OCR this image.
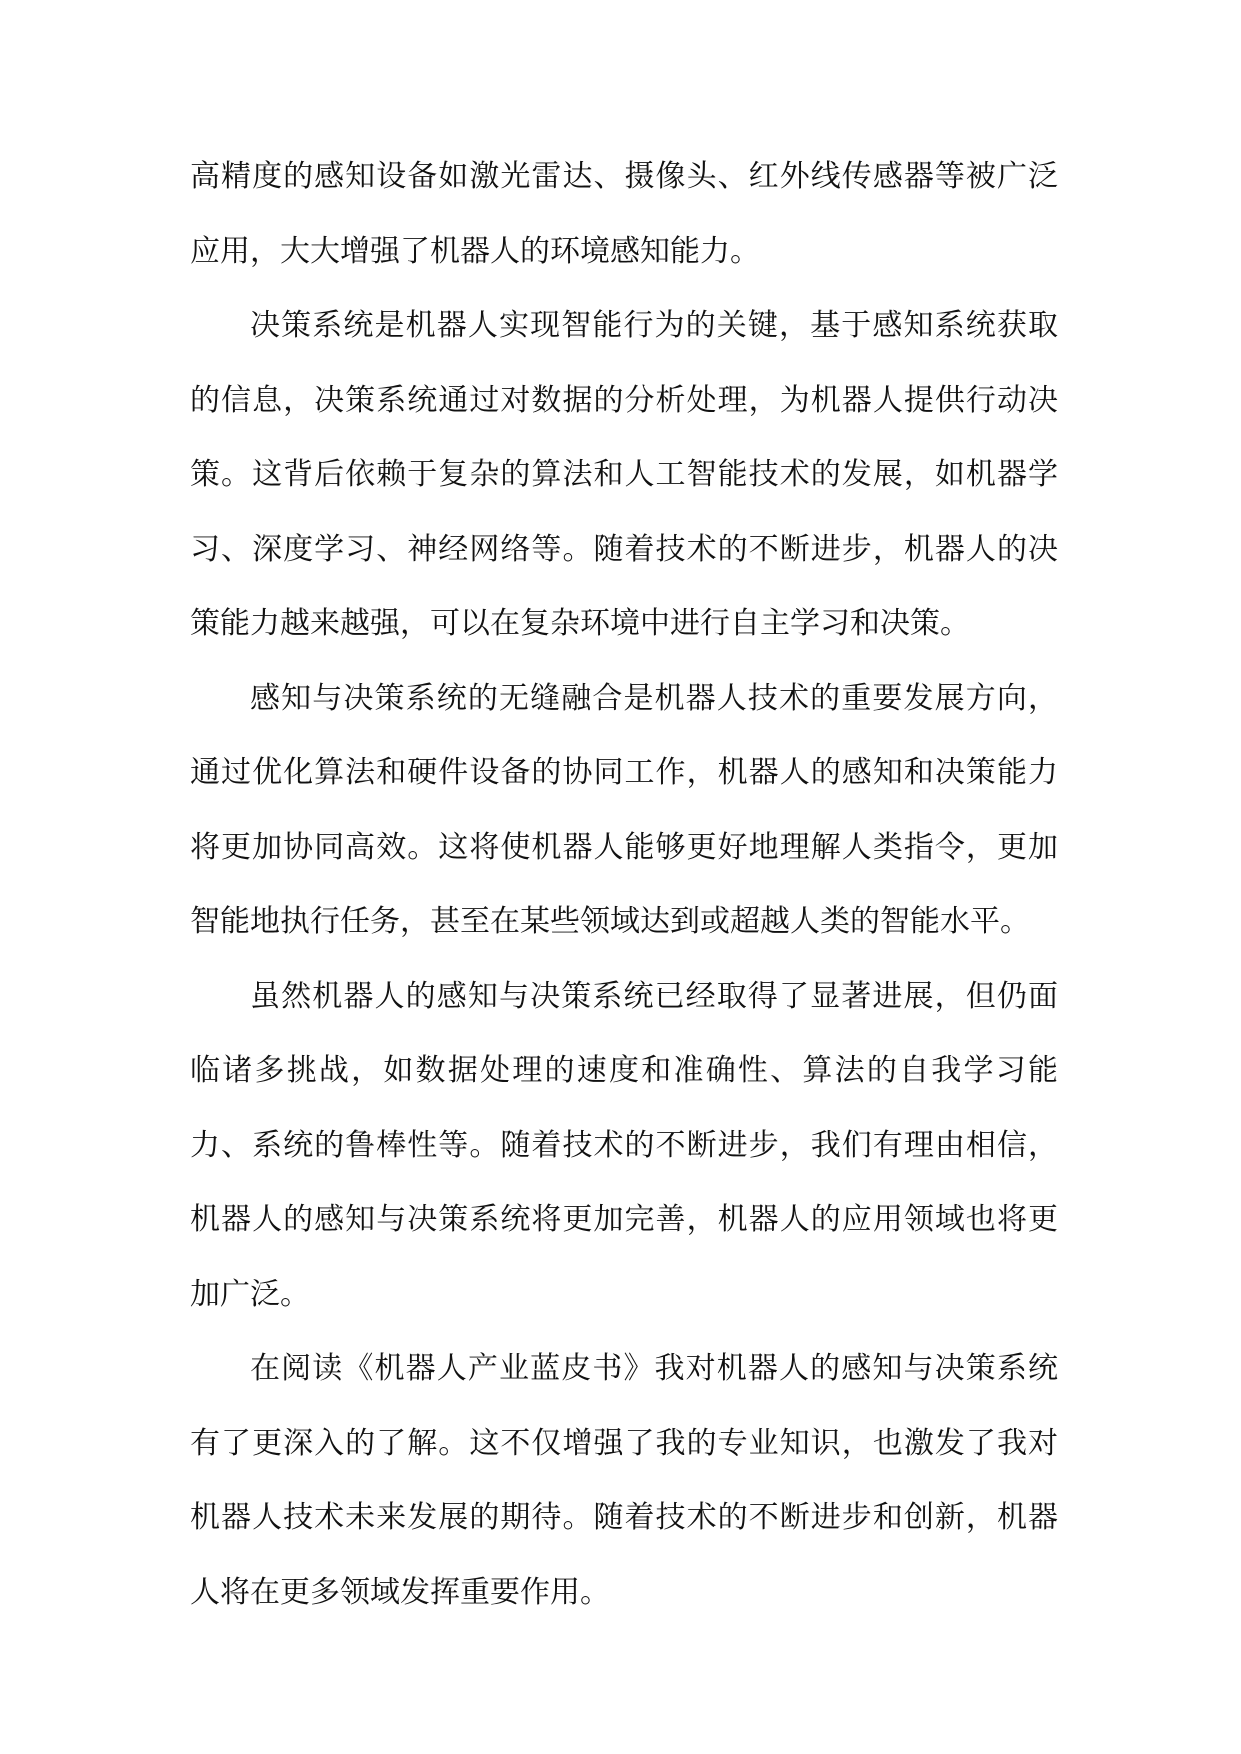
高精度的感知设备如激光雷达、摄像头、红外线传感器等被广泛应用，大大增强了机器人的环境感知能力。

决策系统是机器人实现智能行为的关键，基于感知系统获取的信息，决策系统通过对数据的分析处理，为机器人提供行动决策。这背后依赖于复杂的算法和人工智能技术的发展，如机器学习、深度学习、神经网络等。随着技术的不断进步，机器人的决策能力越来越强，可以在复杂环境中进行自主学习和决策。

感知与决策系统的无缝融合是机器人技术的重要发展方向，通过优化算法和硬件设备的协同工作，机器人的感知和决策能力将更加协同高效。这将使机器人能够更好地理解人类指令，更加智能地执行任务，甚至在某些领域达到或超越人类的智能水平。

虽然机器人的感知与决策系统已经取得了显著进展，但仍面临诸多挑战，如数据处理的速度和准确性、算法的自我学习能力、系统的鲁棒性等。随着技术的不断进步，我们有理由相信，机器人的感知与决策系统将更加完善，机器人的应用领域也将更加广泛。

在阅读《机器人产业蓝皮书》我对机器人的感知与决策系统有了更深入的了解。这不仅增强了我的专业知识，也激发了我对机器人技术未来发展的期待。随着技术的不断进步和创新，机器人将在更多领域发挥重要作用。
